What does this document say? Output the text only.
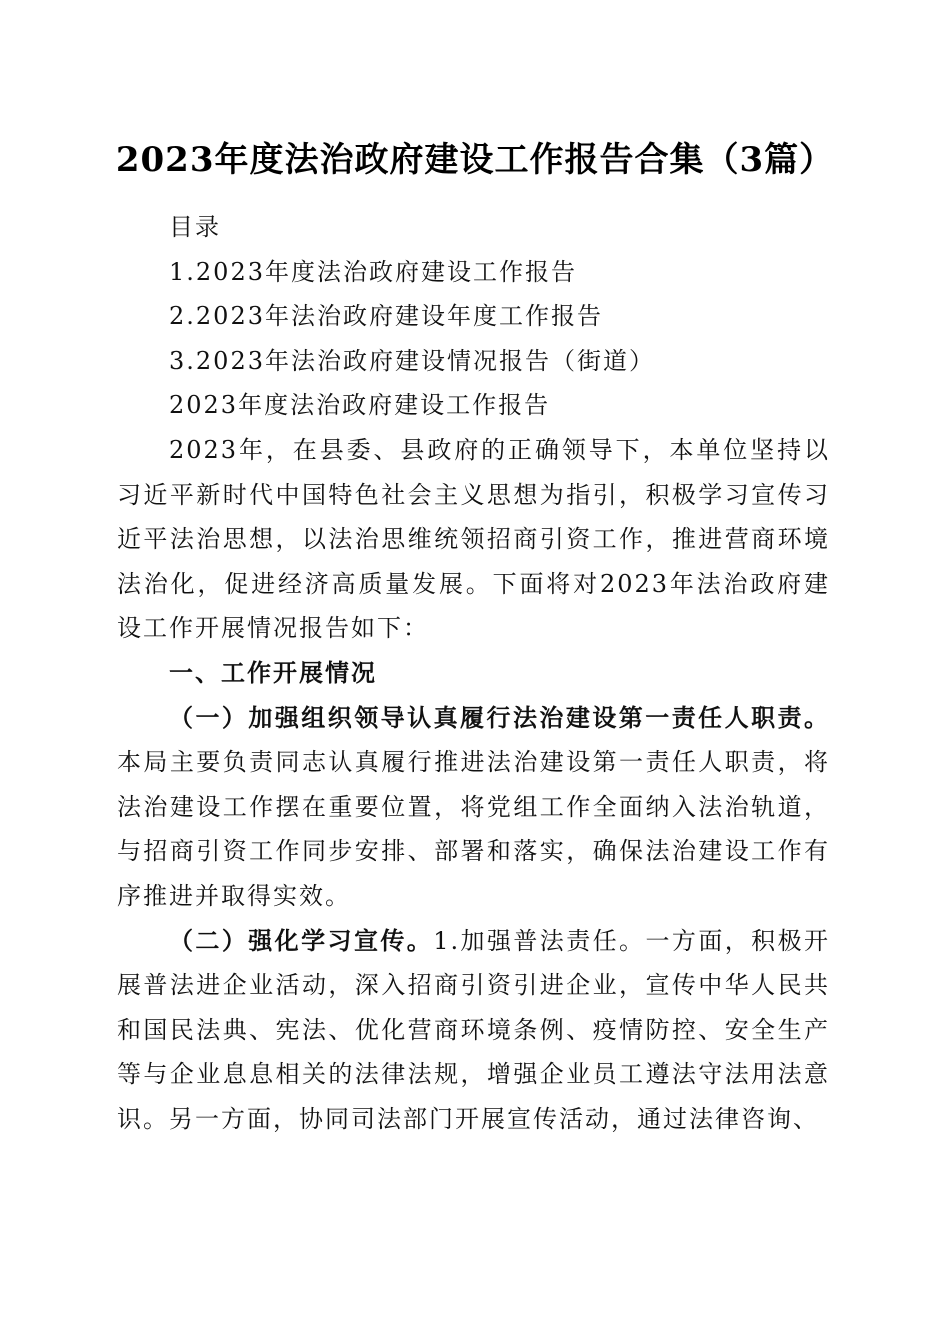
2023年度法治政府建设工作报告合集（3篇）
目录
1.2023年度法治政府建设工作报告
2.2023年法治政府建设年度工作报告
3.2023年法治政府建设情况报告（街道）
2023年度法治政府建设工作报告

2023年，在县委、县政府的正确领导下，本单位坚持以习近平新时代中国特色社会主义思想为指引，积极学习宣传习近平法治思想，以法治思维统领招商引资工作，推进营商环境法治化，促进经济高质量发展。下面将对2023年法治政府建设工作开展情况报告如下：

一、工作开展情况

（一）加强组织领导认真履行法治建设第一责任人职责。本局主要负责同志认真履行推进法治建设第一责任人职责，将法治建设工作摆在重要位置，将党组工作全面纳入法治轨道，与招商引资工作同步安排、部署和落实，确保法治建设工作有序推进并取得实效。

（二）强化学习宣传。1.加强普法责任。一方面，积极开展普法进企业活动，深入招商引资引进企业，宣传中华人民共和国民法典、宪法、优化营商环境条例、疫情防控、安全生产等与企业息息相关的法律法规，增强企业员工遵法守法用法意识。另一方面，协同司法部门开展宣传活动，通过法律咨询、
